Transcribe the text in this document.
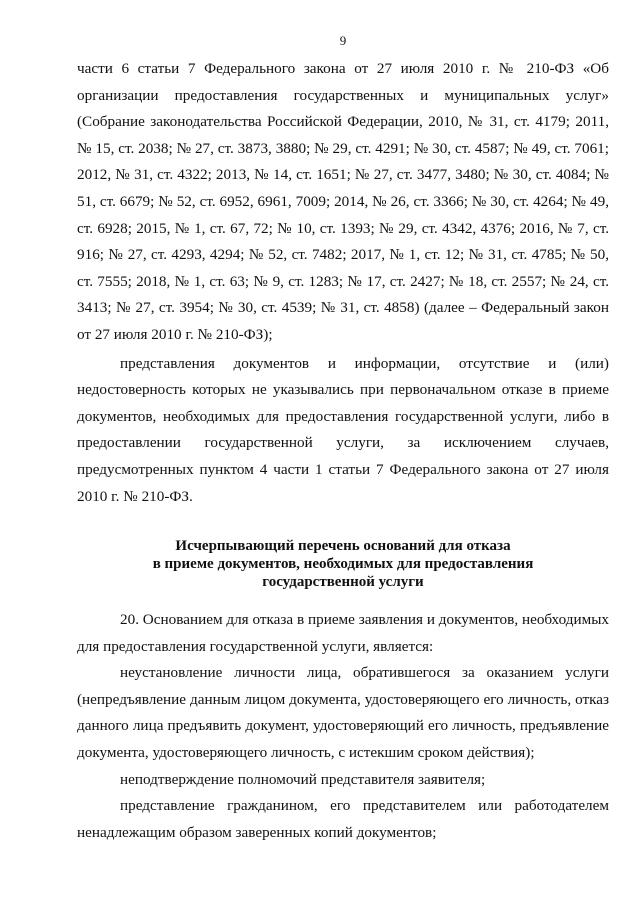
9

части 6 статьи 7 Федерального закона от 27 июля 2010 г. № 210-ФЗ «Об организации предоставления государственных и муниципальных услуг» (Собрание законодательства Российской Федерации, 2010, № 31, ст. 4179; 2011, № 15, ст. 2038; № 27, ст. 3873, 3880; № 29, ст. 4291; № 30, ст. 4587; № 49, ст. 7061; 2012, № 31, ст. 4322; 2013, № 14, ст. 1651; № 27, ст. 3477, 3480; № 30, ст. 4084; № 51, ст. 6679; № 52, ст. 6952, 6961, 7009; 2014, № 26, ст. 3366; № 30, ст. 4264; № 49, ст. 6928; 2015, № 1, ст. 67, 72; № 10, ст. 1393; № 29, ст. 4342, 4376; 2016, № 7, ст. 916; № 27, ст. 4293, 4294; № 52, ст. 7482; 2017, № 1, ст. 12; № 31, ст. 4785; № 50, ст. 7555; 2018, № 1, ст. 63; № 9, ст. 1283; № 17, ст. 2427; № 18, ст. 2557; № 24, ст. 3413; № 27, ст. 3954; № 30, ст. 4539; № 31, ст. 4858) (далее – Федеральный закон от 27 июля 2010 г. № 210-ФЗ);

представления документов и информации, отсутствие и (или) недостоверность которых не указывались при первоначальном отказе в приеме документов, необходимых для предоставления государственной услуги, либо в предоставлении государственной услуги, за исключением случаев, предусмотренных пунктом 4 части 1 статьи 7 Федерального закона от 27 июля 2010 г. № 210-ФЗ.

Исчерпывающий перечень оснований для отказа
в приеме документов, необходимых для предоставления
государственной услуги

20. Основанием для отказа в приеме заявления и документов, необходимых для предоставления государственной услуги, является:

неустановление личности лица, обратившегося за оказанием услуги (непредъявление данным лицом документа, удостоверяющего его личность, отказ данного лица предъявить документ, удостоверяющий его личность, предъявление документа, удостоверяющего личность, с истекшим сроком действия);

неподтверждение полномочий представителя заявителя;

представление гражданином, его представителем или работодателем ненадлежащим образом заверенных копий документов;
